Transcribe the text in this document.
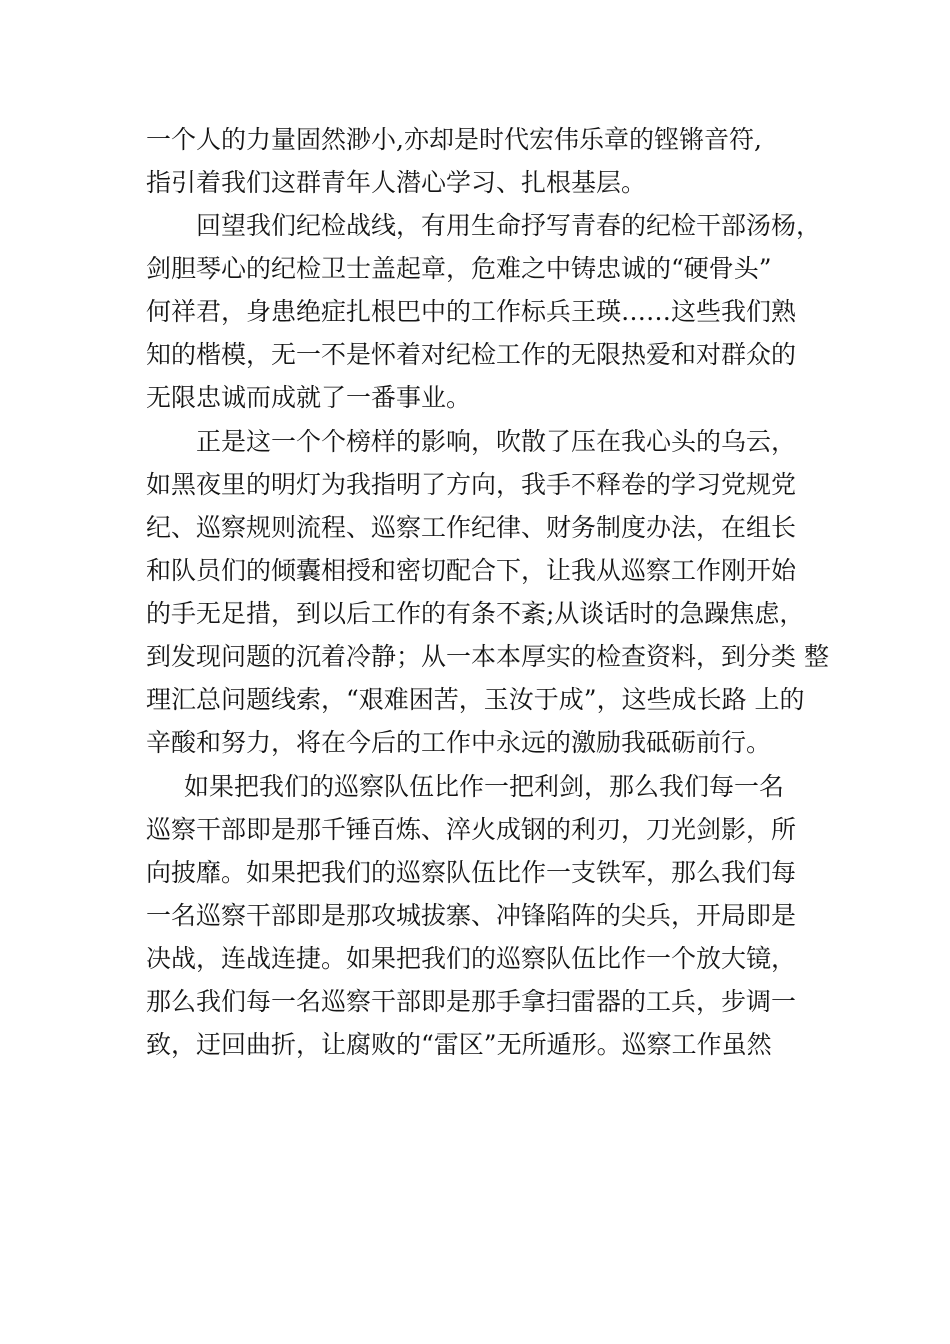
一个人的力量固然渺小,亦却是时代宏伟乐章的铿锵音符,
指引着我们这群青年人潜心学习、扎根基层。
回望我们纪检战线，有用生命抒写青春的纪检干部汤杨，
剑胆琴心的纪检卫士盖起章，危难之中铸忠诚的“硬骨头”
何祥君，身患绝症扎根巴中的工作标兵王瑛……这些我们熟
知的楷模，无一不是怀着对纪检工作的无限热爱和对群众的
无限忠诚而成就了一番事业。
正是这一个个榜样的影响，吹散了压在我心头的乌云，
如黑夜里的明灯为我指明了方向，我手不释卷的学习党规党
纪、巡察规则流程、巡察工作纪律、财务制度办法，在组长
和队员们的倾囊相授和密切配合下，让我从巡察工作刚开始
的手无足措，到以后工作的有条不紊;从谈话时的急躁焦虑，
到发现问题的沉着冷静；从一本本厚实的检查资料，到分类 整
理汇总问题线索，“艰难困苦，玉汝于成”，这些成长路 上的
辛酸和努力，将在今后的工作中永远的激励我砥砺前行。
如果把我们的巡察队伍比作一把利剑，那么我们每一名
巡察干部即是那千锤百炼、淬火成钢的利刃，刀光剑影，所
向披靡。如果把我们的巡察队伍比作一支铁军，那么我们每
一名巡察干部即是那攻城拔寨、冲锋陷阵的尖兵，开局即是
决战，连战连捷。如果把我们的巡察队伍比作一个放大镜，
那么我们每一名巡察干部即是那手拿扫雷器的工兵，步调一
致，迂回曲折，让腐败的“雷区”无所遁形。巡察工作虽然
